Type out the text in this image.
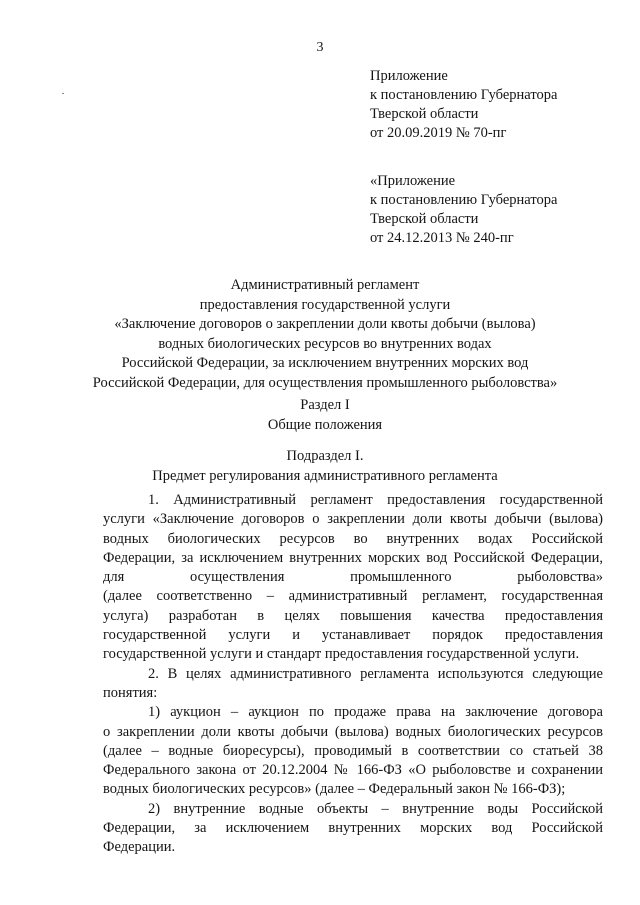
3
Приложение
к постановлению Губернатора
Тверской области
от 20.09.2019 № 70-пг
«Приложение
к постановлению Губернатора
Тверской области
от 24.12.2013 № 240-пг
Административный регламент
предоставления государственной услуги
«Заключение договоров о закреплении доли квоты добычи (вылова)
водных биологических ресурсов во внутренних водах
Российской Федерации, за исключением внутренних морских вод
Российской Федерации, для осуществления промышленного рыболовства»
Раздел I
Общие положения
Подраздел I.
Предмет регулирования административного регламента
1. Административный регламент предоставления государственной
услуги «Заключение договоров о закреплении доли квоты добычи (вылова)
водных биологических ресурсов во внутренних водах Российской
Федерации, за исключением внутренних морских вод Российской Федерации,
для осуществления промышленного рыболовства»
(далее соответственно – административный регламент, государственная
услуга) разработан в целях повышения качества предоставления
государственной услуги и устанавливает порядок предоставления
государственной услуги и стандарт предоставления государственной услуги.
2. В целях административного регламента используются следующие
понятия:
1) аукцион – аукцион по продаже права на заключение договора
о закреплении доли квоты добычи (вылова) водных биологических ресурсов
(далее – водные биоресурсы), проводимый в соответствии со статьей 38
Федерального закона от 20.12.2004 № 166-ФЗ «О рыболовстве и сохранении
водных биологических ресурсов» (далее – Федеральный закон № 166-ФЗ);
2) внутренние водные объекты – внутренние воды Российской
Федерации, за исключением внутренних морских вод Российской
Федерации.
